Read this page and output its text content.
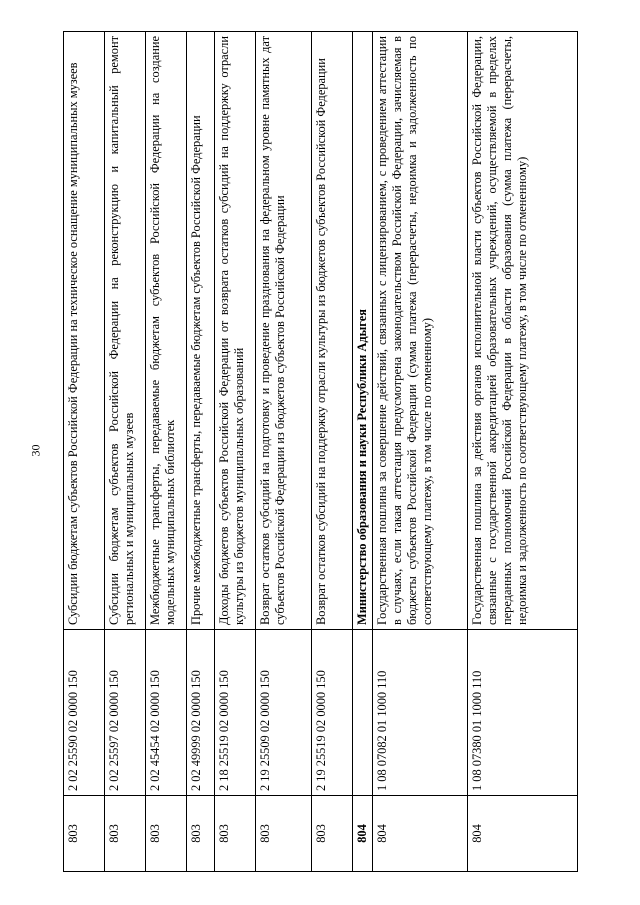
30
803	2 02 25590 02 0000 150	Субсидии бюджетам субъектов Российской Федерации на техническое оснащение муниципальных музеев
803	2 02 25597 02 0000 150	Субсидии бюджетам субъектов Российской Федерации на реконструкцию и капитальный ремонт региональных и муниципальных музеев
803	2 02 45454 02 0000 150	Межбюджетные трансферты, передаваемые бюджетам субъектов Российской Федерации на создание модельных муниципальных библиотек
803	2 02 49999 02 0000 150	Прочие межбюджетные трансферты, передаваемые бюджетам субъектов Российской Федерации
803	2 18 25519 02 0000 150	Доходы бюджетов субъектов Российской Федерации от возврата остатков субсидий на поддержку отрасли культуры из бюджетов муниципальных образований
803	2 19 25509 02 0000 150	Возврат остатков субсидий на подготовку и проведение празднования на федеральном уровне памятных дат субъектов Российской Федерации из бюджетов субъектов Российской Федерации
803	2 19 25519 02 0000 150	Возврат остатков субсидий на поддержку отрасли культуры из бюджетов субъектов Российской Федерации
804		Министерство образования и науки Республики Адыгея
804	1 08 07082 01 1000 110	Государственная пошлина за совершение действий, связанных с лицензированием, с проведением аттестации в случаях, если такая аттестация предусмотрена законодательством Российской Федерации, зачисляемая в бюджеты субъектов Российской Федерации (сумма платежа (перерасчеты, недоимка и задолженность по соответствующему платежу, в том числе по отмененному)
804	1 08 07380 01 1000 110	Государственная пошлина за действия органов исполнительной власти субъектов Российской Федерации, связанные с государственной аккредитацией образовательных учреждений, осуществляемой в пределах переданных полномочий Российской Федерации в области образования (сумма платежа (перерасчеты, недоимка и задолженность по соответствующему платежу, в том числе по отмененному)
